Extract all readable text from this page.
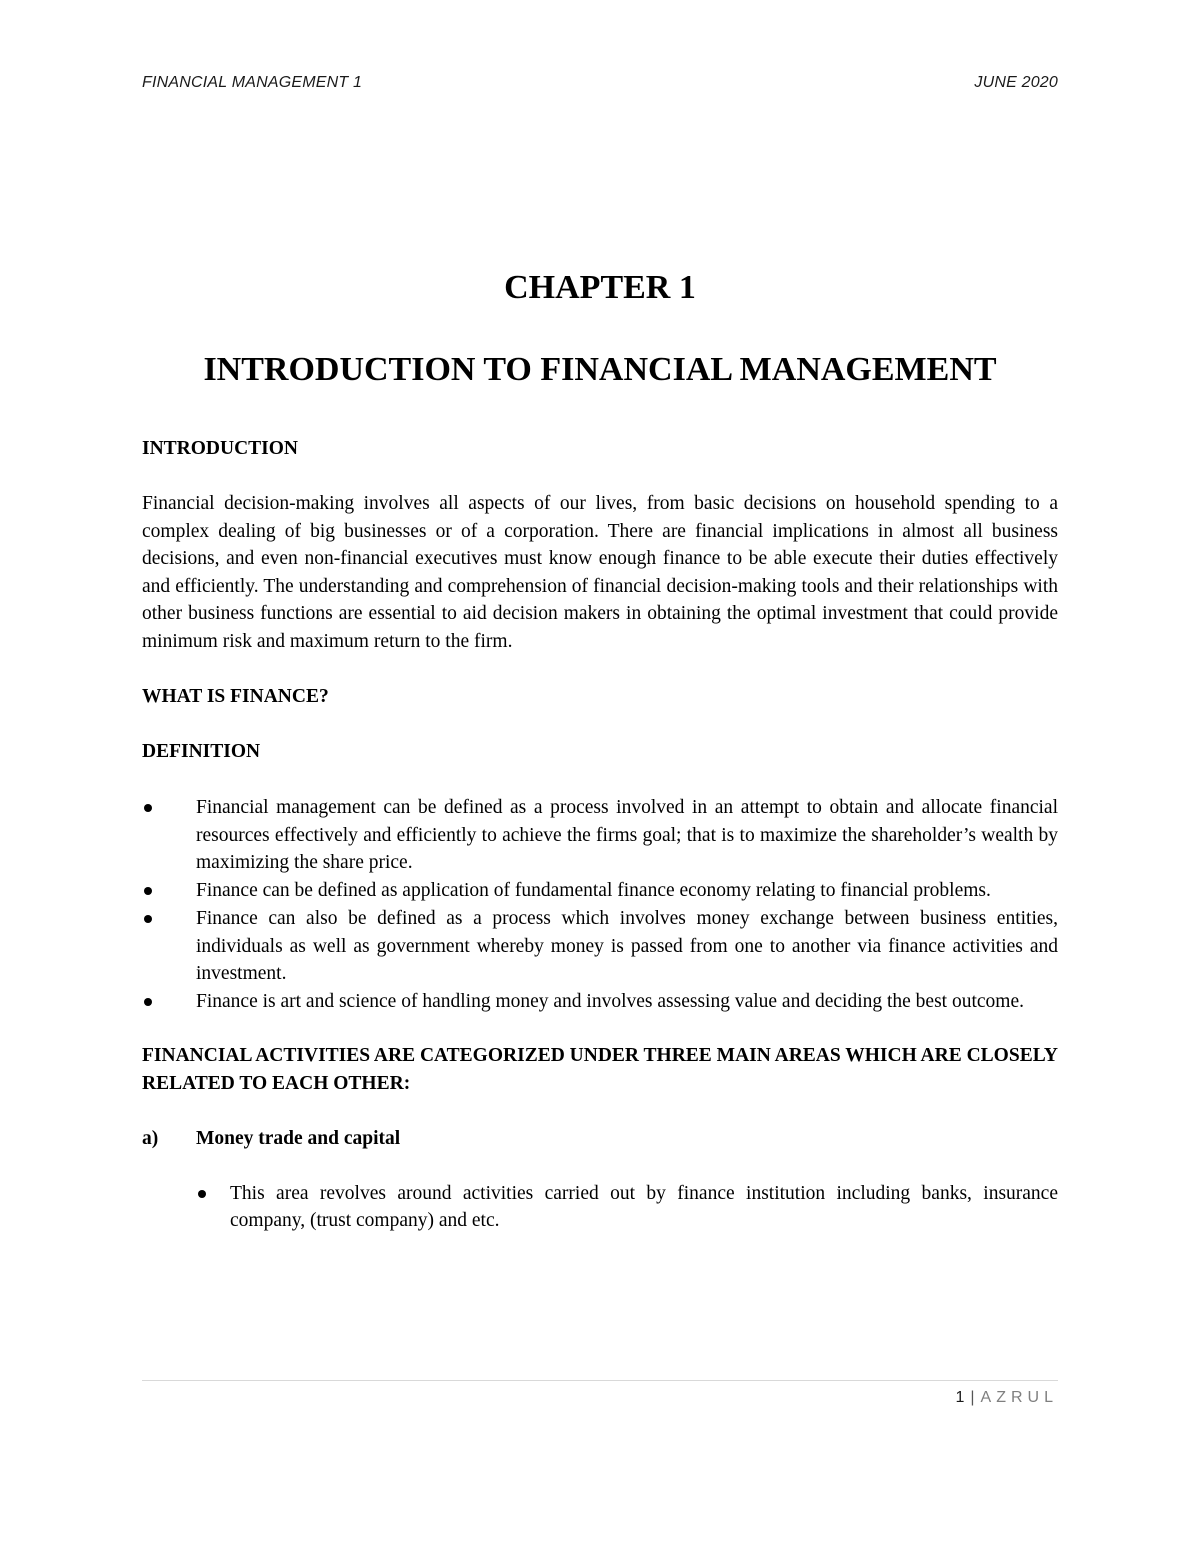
FINANCIAL MANAGEMENT 1	JUNE 2020
CHAPTER 1
INTRODUCTION TO FINANCIAL MANAGEMENT

INTRODUCTION

Financial decision-making involves all aspects of our lives, from basic decisions on household spending to a complex dealing of big businesses or of a corporation. There are financial implications in almost all business decisions, and even non-financial executives must know enough finance to be able execute their duties effectively and efficiently. The understanding and comprehension of financial decision-making tools and their relationships with other business functions are essential to aid decision makers in obtaining the optimal investment that could provide minimum risk and maximum return to the firm.

WHAT IS FINANCE?

DEFINITION

Financial management can be defined as a process involved in an attempt to obtain and allocate financial resources effectively and efficiently to achieve the firms goal; that is to maximize the shareholder’s wealth by maximizing the share price.
Finance can be defined as application of fundamental finance economy relating to financial problems.
Finance can also be defined as a process which involves money exchange between business entities, individuals as well as government whereby money is passed from one to another via finance activities and investment.
Finance is art and science of handling money and involves assessing value and deciding the best outcome.

FINANCIAL ACTIVITIES ARE CATEGORIZED UNDER THREE MAIN AREAS WHICH ARE CLOSELY RELATED TO EACH OTHER:

a)	Money trade and capital
This area revolves around activities carried out by finance institution including banks, insurance company, (trust company) and etc.
1 | AZRUL
